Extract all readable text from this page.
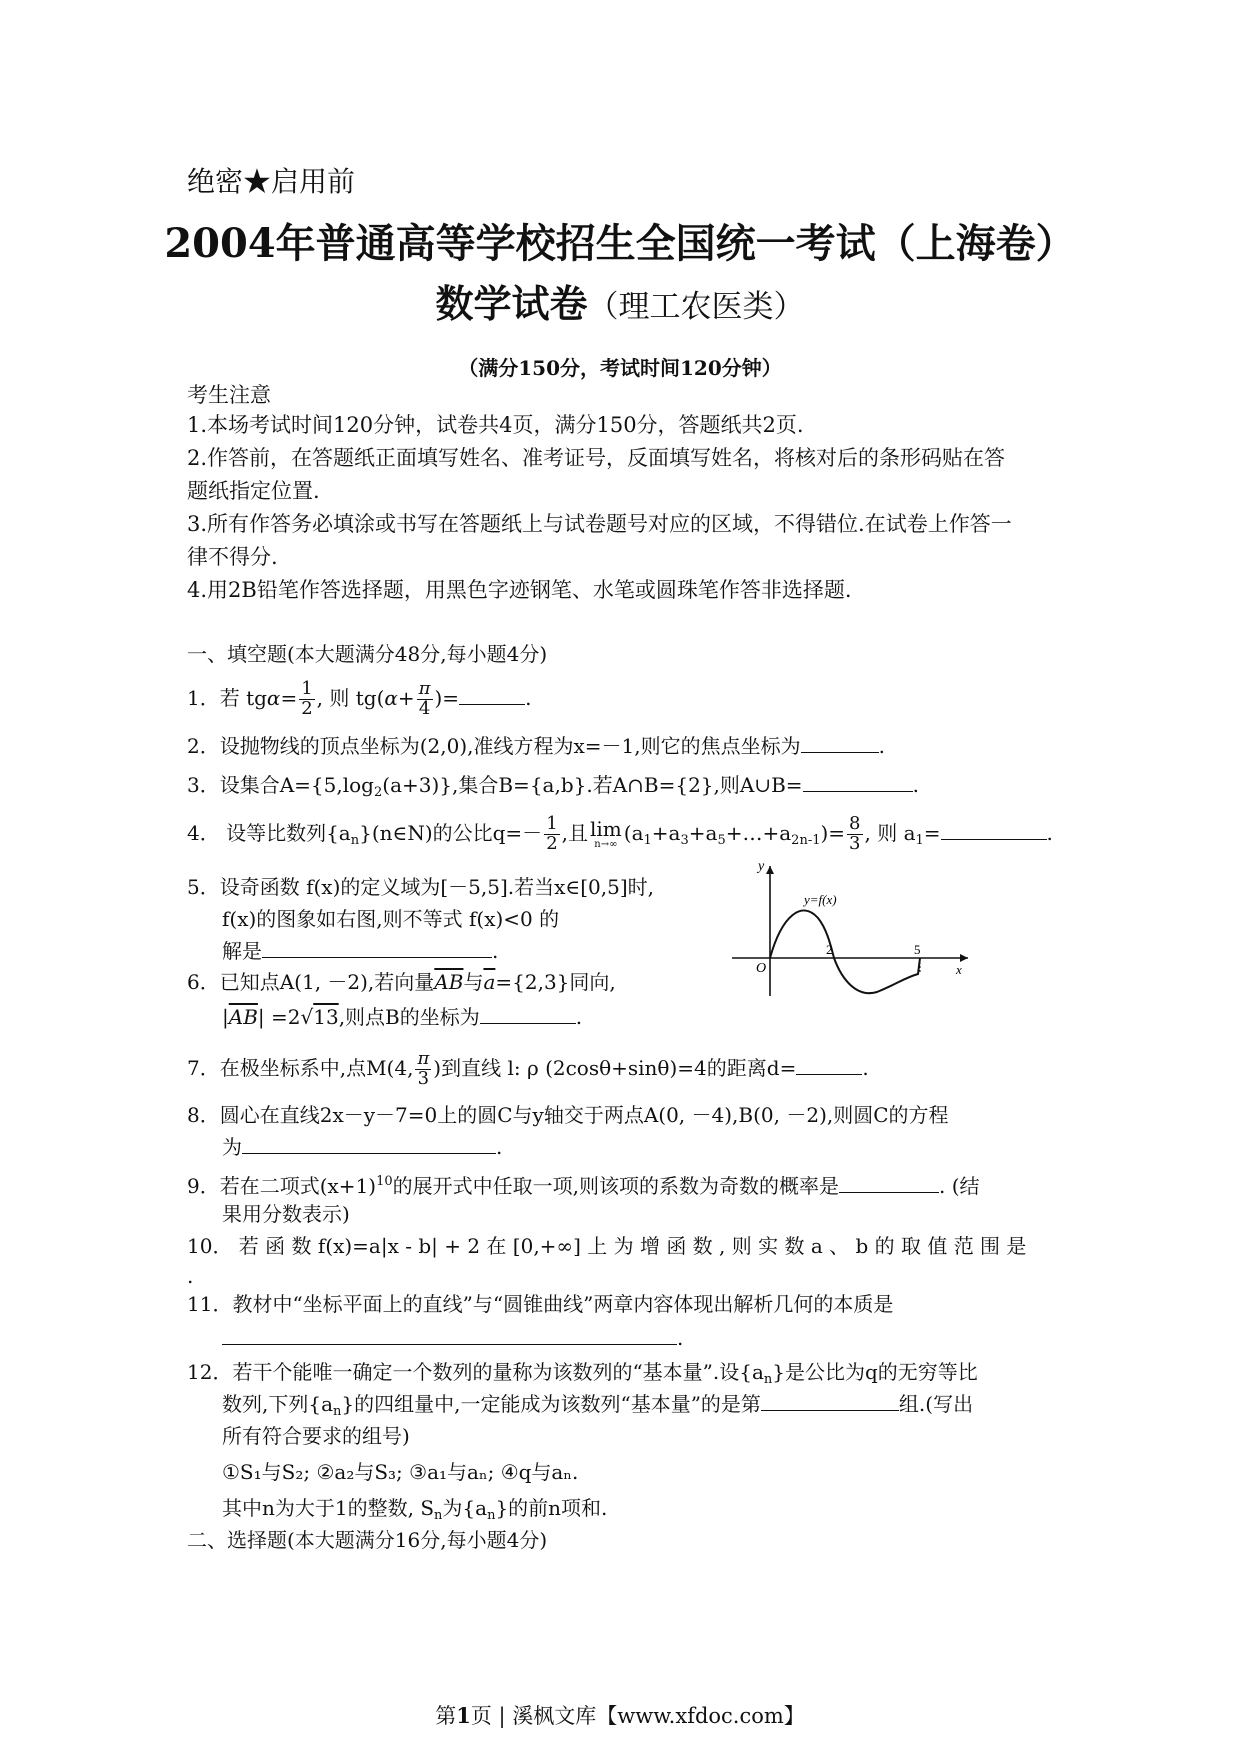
绝密★启用前
2004年普通高等学校招生全国统一考试（上海卷）
数学试卷（理工农医类）
（满分150分，考试时间120分钟）
考生注意
1.本场考试时间120分钟，试卷共4页，满分150分，答题纸共2页.
2.作答前，在答题纸正面填写姓名、准考证号，反面填写姓名，将核对后的条形码贴在答
题纸指定位置.
3.所有作答务必填涂或书写在答题纸上与试卷题号对应的区域，不得错位.在试卷上作答一
律不得分.
4.用2B铅笔作答选择题，用黑色字迹钢笔、水笔或圆珠笔作答非选择题.
一、填空题(本大题满分48分,每小题4分)
1．若 $tg\alpha= \frac{1}{2}$ , 则 $tg(\alpha+ \frac{\pi}{4}$ )=	.
2．设抛物线的顶点坐标为(2,0),准线方程为x=－1,则它的焦点坐标为	.
3．设集合$A=\{5,\log_2(a+3)\}$,集合B={a,b}.若A∩B={2},则A∪B=	.
4． 设等比数列$\{a_n\}(n\in N)$的公比$q=- \frac{1}{2}$ ,且 lim
n→∞ $(a_1+a_3+a_5+\dots+a_{2n-1})= \frac{8}{3}$ , 则 $a_1=$	.
5．设奇函数 f(x)的定义域为[－5,5].若当x∈[0,5]时,
f(x)的图象如右图,则不等式 f(x)<0 的
解是	.
y
y=f(x)
O
2	5
x
6．已知点A(1, －2),若向量$\overline{AB}$与$\overline{a}=\{2,3\}$同向,
$|\overline{AB}| =2√13$,则点B的坐标为	.
7．在极坐标系中,点M(4, $\frac{\pi}{3}$ )到直线 l: ρ (2cosθ+sinθ)=4的距离d=	.
8．圆心在直线2x－y－7=0上的圆C与y轴交于两点A(0, －4),B(0, －2),则圆C的方程
为	.
9．若在二项式$(x+1)^{10}$的展开式中任取一项,则该项的系数为奇数的概率是	. (结
果用分数表示)
10． 若 函 数 f(x)=a|x - b| + 2 在 [0,+∞] 上 为 增 函 数 , 则 实 数 a 、 b 的 取 值 范 围 是
.
11．教材中“坐标平面上的直线”与“圆锥曲线”两章内容体现出解析几何的本质是
.
12．若干个能唯一确定一个数列的量称为该数列的“基本量”.设$\{a_n\}$是公比为q的无穷等比
数列,下列$\{a_n\}$的四组量中,一定能成为该数列“基本量”的是第	组.(写出
所有符合要求的组号)
①S₁与S₂; ②a₂与S₃; ③a₁与aₙ; ④q与aₙ.
其中n为大于1的整数, $S_n$为$\{a_n\}$的前n项和.
二、选择题(本大题满分16分,每小题4分)
第1页 | 溪枫文库【www.xfdoc.com】
